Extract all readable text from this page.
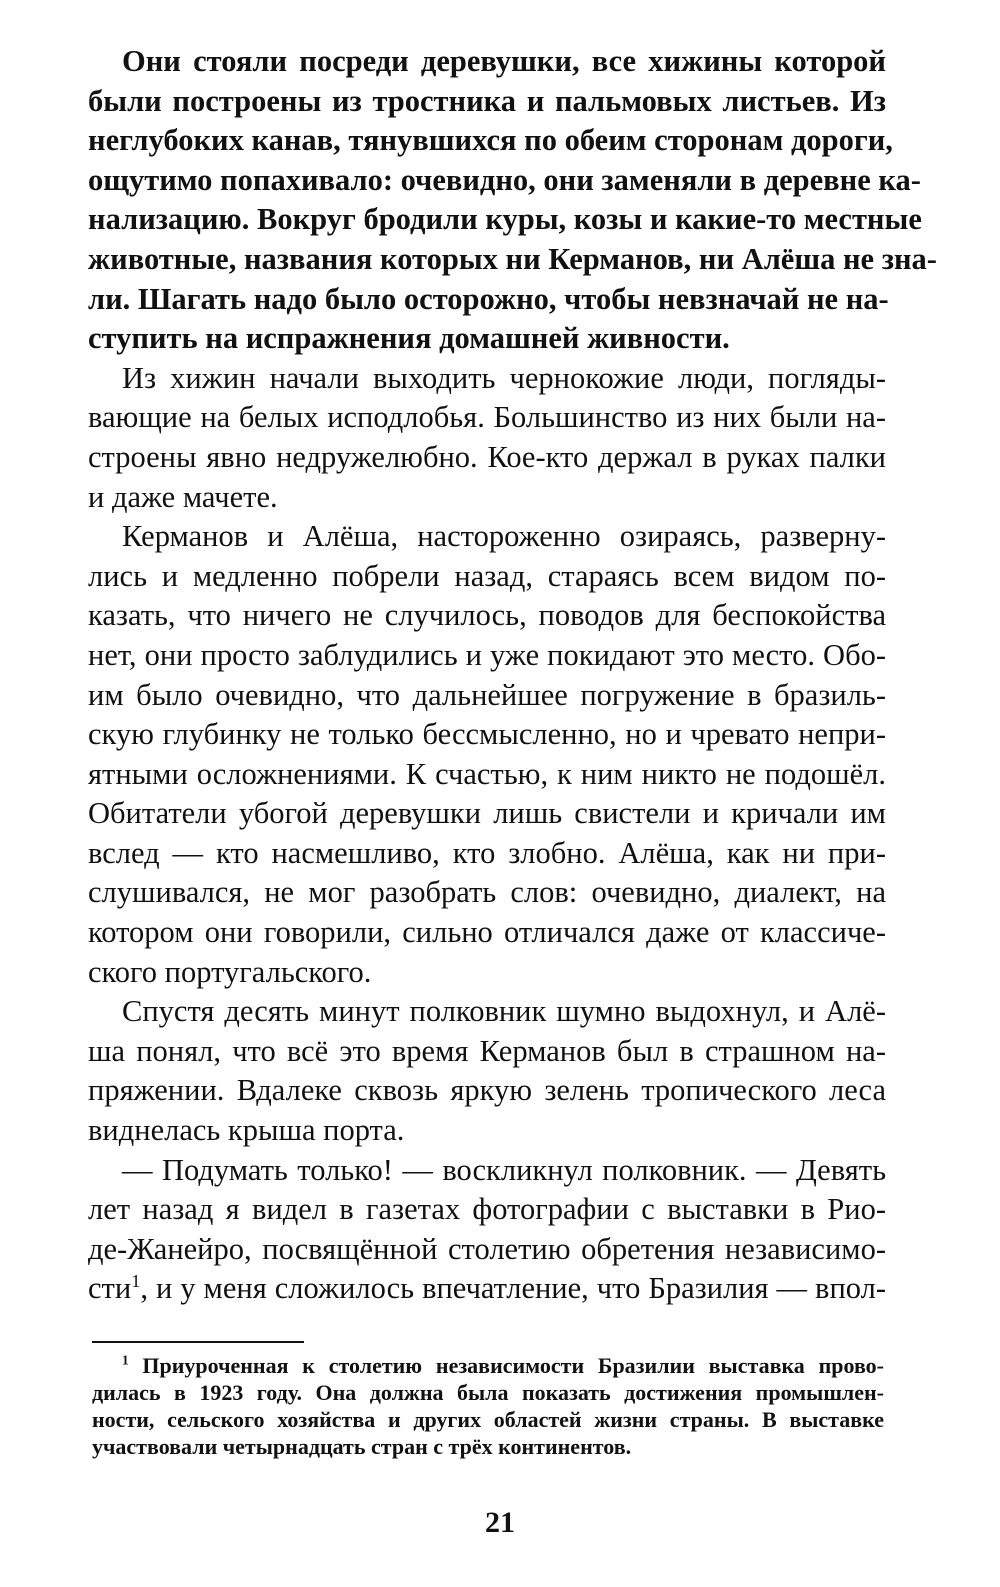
Они стояли посреди деревушки, все хижины которой
были построены из тростника и пальмовых листьев. Из
неглубоких канав, тянувшихся по обеим сторонам дороги,
ощутимо попахивало: очевидно, они заменяли в деревне ка-
нализацию. Вокруг бродили куры, козы и какие-то местные
животные, названия которых ни Керманов, ни Алёша не зна-
ли. Шагать надо было осторожно, чтобы невзначай не на-
ступить на испражнения домашней живности.

Из хижин начали выходить чернокожие люди, погляды-
вающие на белых исподлобья. Большинство из них были на-
строены явно недружелюбно. Кое-кто держал в руках палки
и даже мачете.

Керманов и Алёша, настороженно озираясь, разверну-
лись и медленно побрели назад, стараясь всем видом по-
казать, что ничего не случилось, поводов для беспокойства
нет, они просто заблудились и уже покидают это место. Обо-
им было очевидно, что дальнейшее погружение в бразиль-
скую глубинку не только бессмысленно, но и чревато непри-
ятными осложнениями. К счастью, к ним никто не подошёл.
Обитатели убогой деревушки лишь свистели и кричали им
вслед — кто насмешливо, кто злобно. Алёша, как ни при-
слушивался, не мог разобрать слов: очевидно, диалект, на
котором они говорили, сильно отличался даже от классиче-
ского португальского.

Спустя десять минут полковник шумно выдохнул, и Алё-
ша понял, что всё это время Керманов был в страшном на-
пряжении. Вдалеке сквозь яркую зелень тропического леса
виднелась крыша порта.

— Подумать только! — воскликнул полковник. — Девять
лет назад я видел в газетах фотографии с выставки в Рио-
де-Жанейро, посвящённой столетию обретения независимо-
сти$^1$, и у меня сложилось впечатление, что Бразилия — впол-

$^1$ Приуроченная к столетию независимости Бразилии выставка прово-
дилась в 1923 году. Она должна была показать достижения промышлен-
ности, сельского хозяйства и других областей жизни страны. В выставке
участвовали четырнадцать стран с трёх континентов.
21
